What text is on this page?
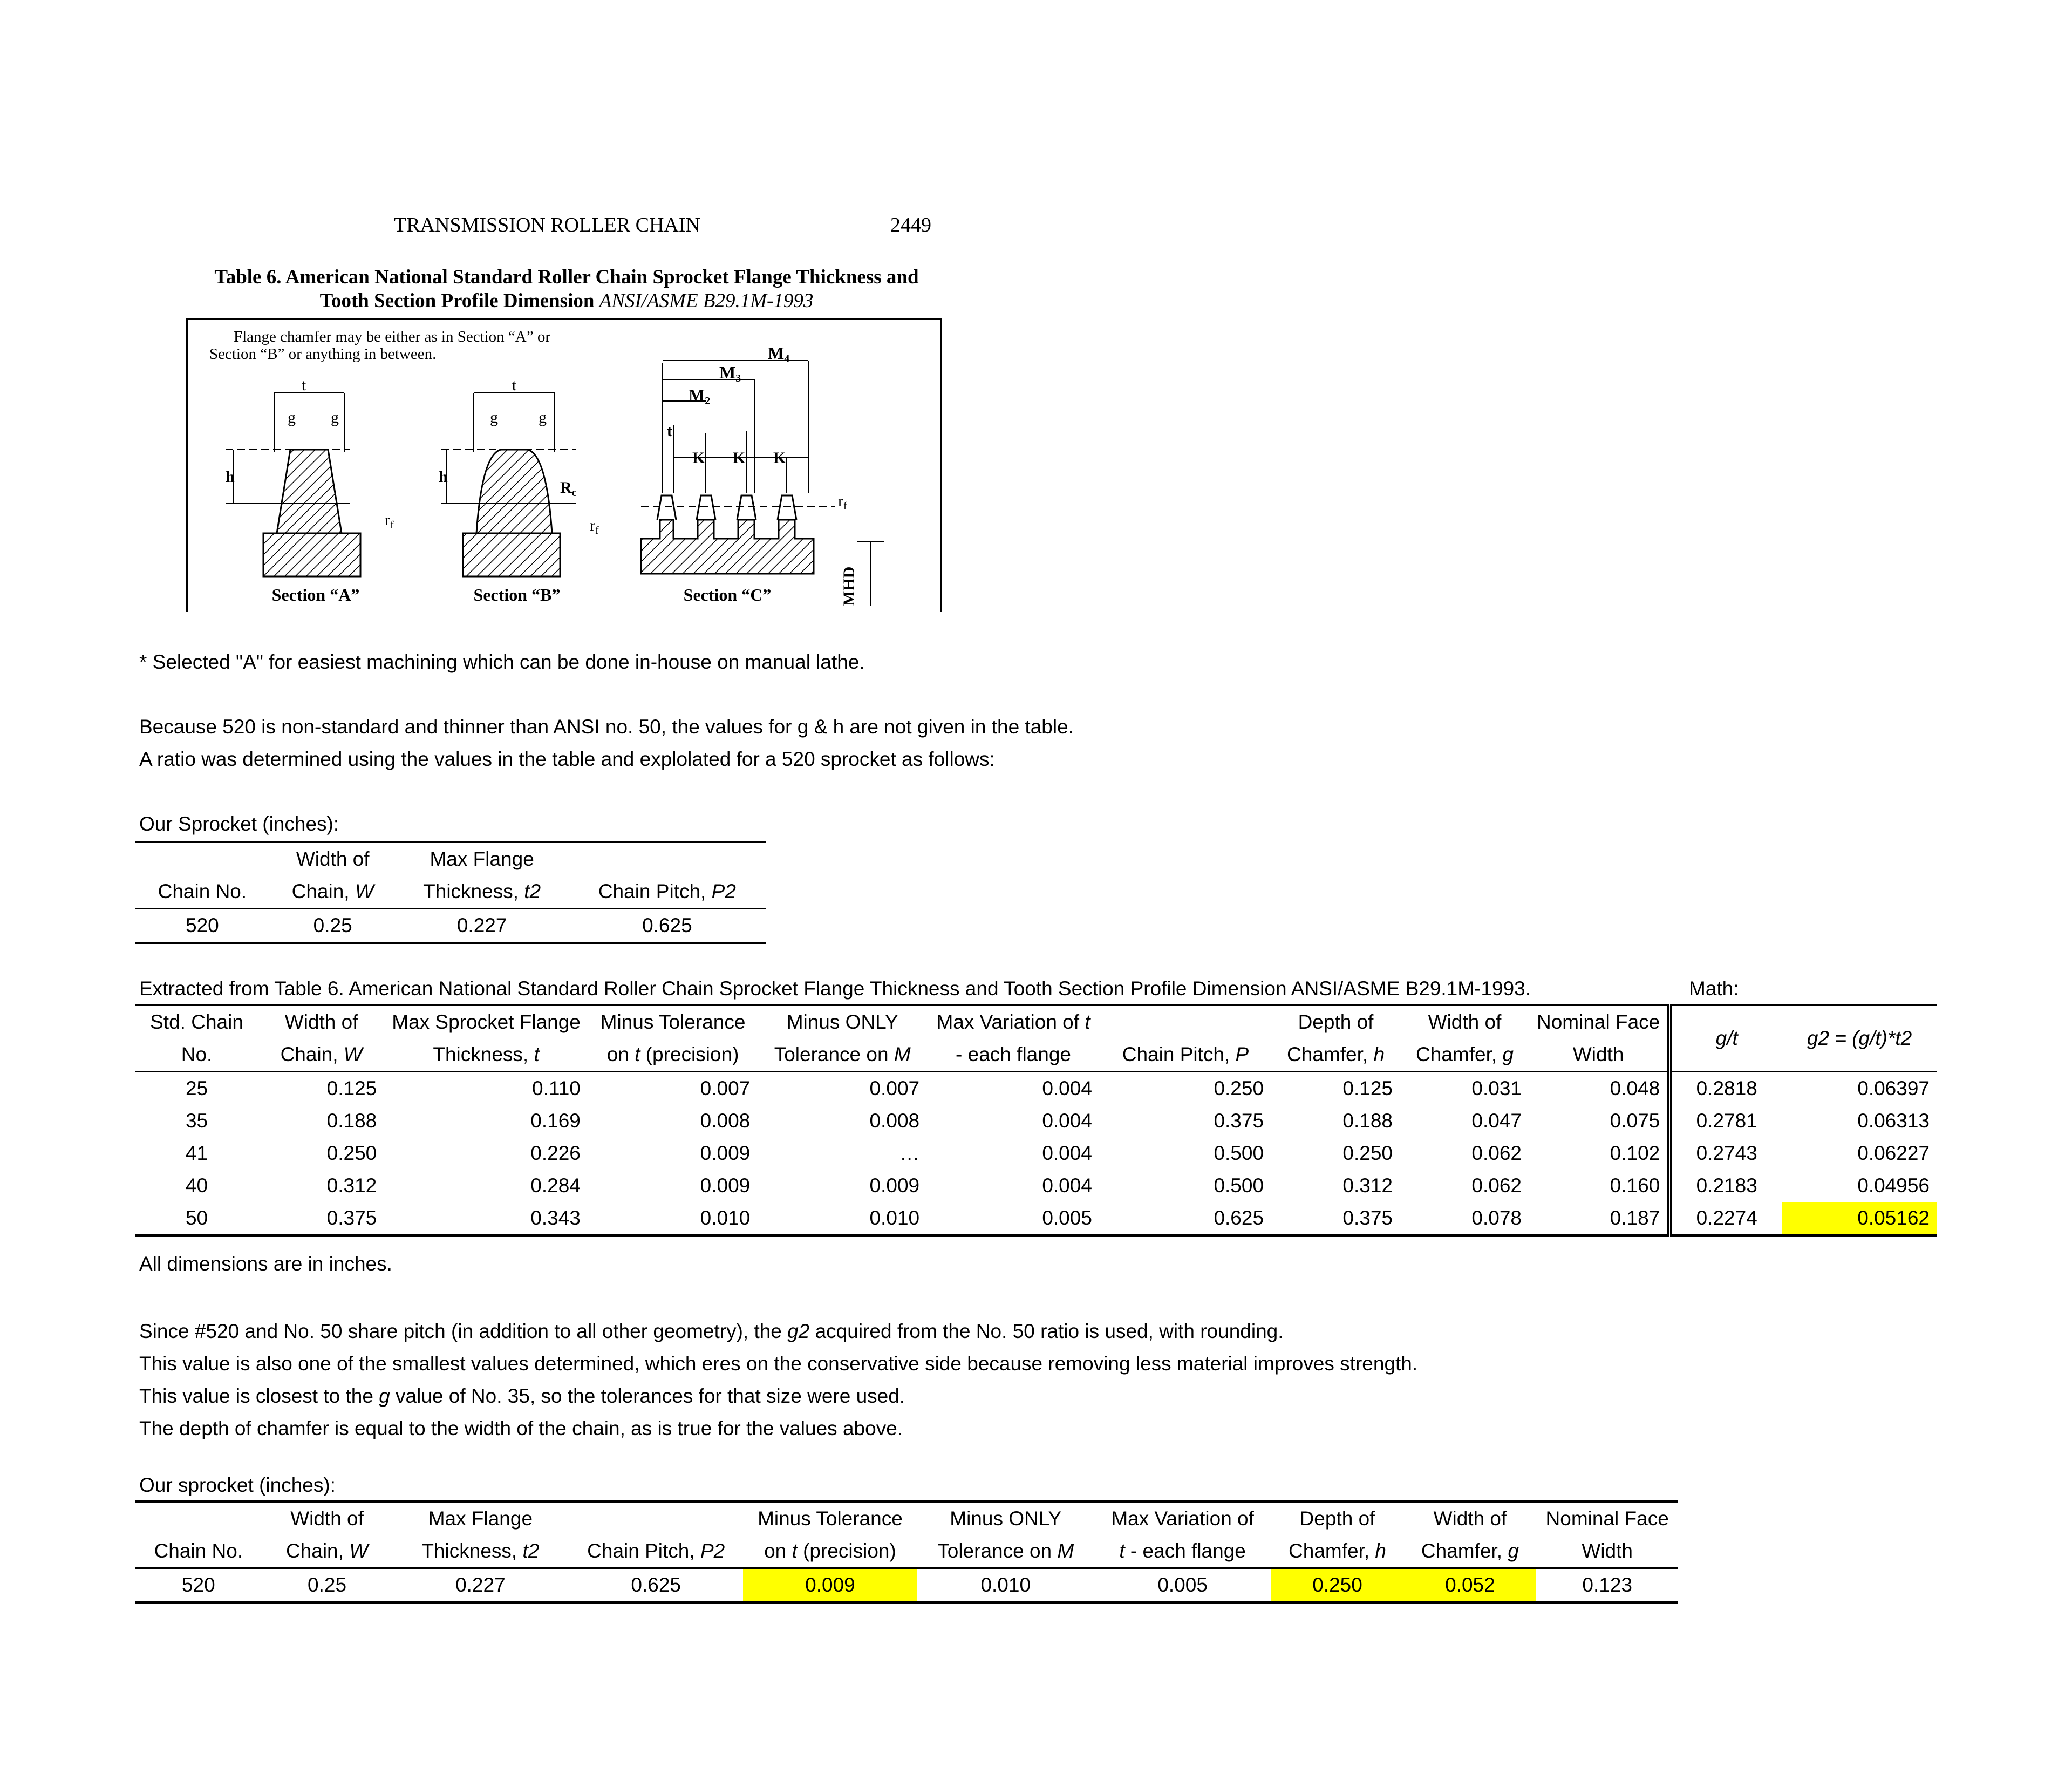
TRANSMISSION ROLLER CHAIN	2449
Table 6. American National Standard Roller Chain Sprocket Flange Thickness and
Tooth Section Profile Dimension ANSI/ASME B29.1M-1993
Flange chamfer may be either as in Section “A” or
Section “B” or anything in between.
t
g g
h
$r_f$
Section “A”
t
g	g
h
$R_c$
$r_f$
Section “B”
M4
M3
M2
t
K K K
$r_f$
MHD
Section “C”
* Selected "A" for easiest machining which can be done in-house on manual lathe.
Because 520 is non-standard and thinner than ANSI no. 50, the values for g & h are not given in the table.
A ratio was determined using the values in the table and explolated for a 520 sprocket as follows:
Our Sprocket (inches):
	Width of	Max Flange	
Chain No.	Chain, W	Thickness, t2	Chain Pitch, P2
520	0.25	0.227	0.625
Extracted from Table 6. American National Standard Roller Chain Sprocket Flange Thickness and Tooth Section Profile Dimension ANSI/ASME B29.1M-1993.	Math:
Std. Chain	Width of	Max Sprocket Flange	Minus Tolerance	Minus ONLY	Max Variation of t		Depth of	Width of	Nominal Face	g/t	g2 = (g/t)*t2
No.	Chain, W	Thickness, t	on t (precision)	Tolerance on M	- each flange	Chain Pitch, P	Chamfer, h	Chamfer, g	Width		
25	0.125	0.110	0.007	0.007	0.004	0.250	0.125	0.031	0.048	0.2818	0.06397
35	0.188	0.169	0.008	0.008	0.004	0.375	0.188	0.047	0.075	0.2781	0.06313
41	0.250	0.226	0.009	…	0.004	0.500	0.250	0.062	0.102	0.2743	0.06227
40	0.312	0.284	0.009	0.009	0.004	0.500	0.312	0.062	0.160	0.2183	0.04956
50	0.375	0.343	0.010	0.010	0.005	0.625	0.375	0.078	0.187	0.2274	0.05162
All dimensions are in inches.
Since #520 and No. 50 share pitch (in addition to all other geometry), the g2 acquired from the No. 50 ratio is used, with rounding.
This value is also one of the smallest values determined, which eres on the conservative side because removing less material improves strength.
This value is closest to the g value of No. 35, so the tolerances for that size were used.
The depth of chamfer is equal to the width of the chain, as is true for the values above.
Our sprocket (inches):
	Width of	Max Flange		Minus Tolerance	Minus ONLY	Max Variation of	Depth of	Width of	Nominal Face
Chain No.	Chain, W	Thickness, t2	Chain Pitch, P2	on t (precision)	Tolerance on M	t - each flange	Chamfer, h	Chamfer, g	Width
520	0.25	0.227	0.625	0.009	0.010	0.005	0.250	0.052	0.123
